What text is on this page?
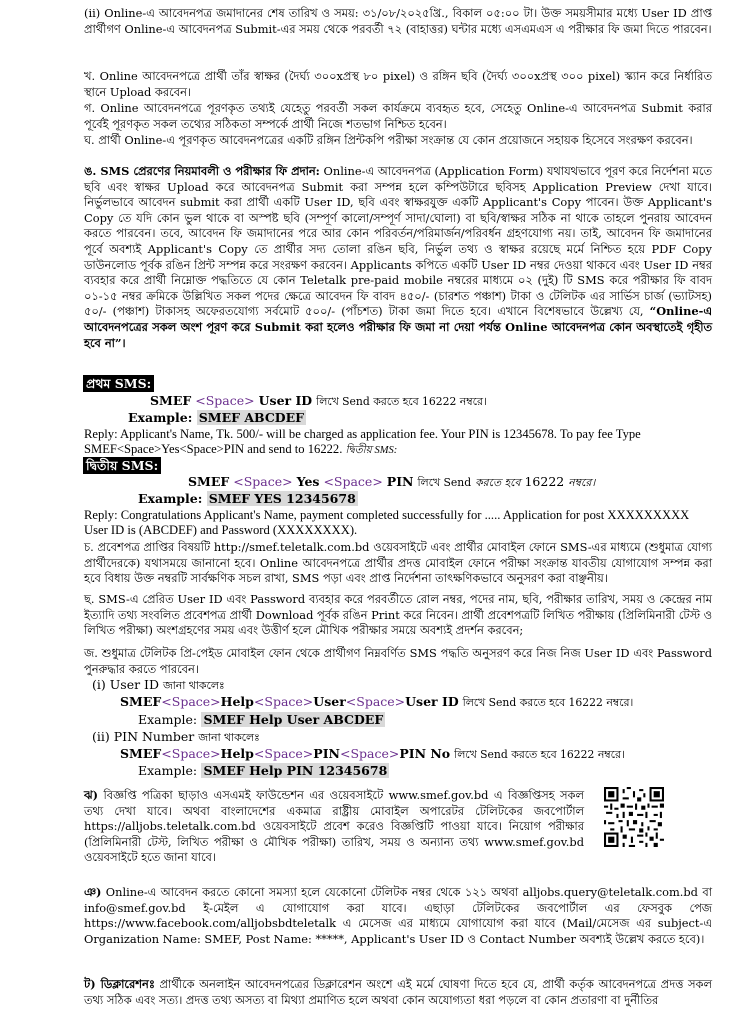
(ii) Online-এ আবেদনপত্র জমাদানের শেষ তারিখ ও সময়: ৩১/০৮/২০২৫খ্রি., বিকাল ০৫:০০ টা। উক্ত সময়সীমার মধ্যে User ID প্রাপ্ত প্রার্থীগণ Online-এ আবেদনপত্র Submit-এর সময় থেকে পরবর্তী ৭২ (বাহাত্তর) ঘন্টার মধ্যে এসএমএস এ পরীক্ষার ফি জমা দিতে পারবেন।

খ. Online আবেদনপত্রে প্রার্থী তাঁর স্বাক্ষর (দৈর্ঘ্য ৩০০xপ্রস্থ ৮০ pixel) ও রঙ্গিন ছবি (দৈর্ঘ্য ৩০০xপ্রস্থ ৩০০ pixel) স্ক্যান করে নির্ধারিত স্থানে Upload করবেন।

গ. Online আবেদনপত্রে পূরণকৃত তথ্যই যেহেতু পরবর্তী সকল কার্যক্রমে ব্যবহৃত হবে, সেহেতু Online-এ আবেদনপত্র Submit করার পূর্বেই পূরণকৃত সকল তথ্যের সঠিকতা সম্পর্কে প্রার্থী নিজে শতভাগ নিশ্চিত হবেন।

ঘ. প্রার্থী Online-এ পূরণকৃত আবেদনপত্রের একটি রঙ্গিন প্রিন্টকপি পরীক্ষা সংক্রান্ত যে কোন প্রয়োজনে সহায়ক হিসেবে সংরক্ষণ করবেন।

ঙ. SMS প্রেরণের নিয়মাবলী ও পরীক্ষার ফি প্রদান: Online-এ আবেদনপত্র (Application Form) যথাযথভাবে পূরণ করে নির্দেশনা মতে ছবি এবং স্বাক্ষর Upload করে আবেদনপত্র Submit করা সম্পন্ন হলে কম্পিউটারে ছবিসহ Application Preview দেখা যাবে। নির্ভুলভাবে আবেদন submit করা প্রার্থী একটি User ID, ছবি এবং স্বাক্ষরযুক্ত একটি Applicant's Copy পাবেন। উক্ত Applicant's Copy তে যদি কোন ভুল থাকে বা অস্পষ্ট ছবি (সম্পূর্ণ কালো/সম্পূর্ণ সাদা/ঘোলা) বা ছবি/স্বাক্ষর সঠিক না থাকে তাহলে পুনরায় আবেদন করতে পারবেন। তবে, আবেদন ফি জমাদানের পরে আর কোন পরিবর্তন/পরিমার্জন/পরিবর্ধন গ্রহণযোগ্য নয়। তাই, আবেদন ফি জমাদানের পূর্বে অবশ্যই Applicant's Copy তে প্রার্থীর সদ্য তোলা রঙিন ছবি, নির্ভুল তথ্য ও স্বাক্ষর রয়েছে মর্মে নিশ্চিত হয়ে PDF Copy ডাউনলোড পূর্বক রঙিন প্রিন্ট সম্পন্ন করে সংরক্ষণ করবেন। Applicants কপিতে একটি User ID নম্বর দেওয়া থাকবে এবং User ID নম্বর ব্যবহার করে প্রার্থী নিম্নোক্ত পদ্ধতিতে যে কোন Teletalk pre-paid mobile নম্বরের মাধ্যমে ০২ (দুই) টি SMS করে পরীক্ষার ফি বাবদ ০১-১৫ নম্বর ক্রমিকে উল্লিখিত সকল পদের ক্ষেত্রে আবেদন ফি বাবদ ৪৫০/- (চারশত পঞ্চাশ) টাকা ও টেলিটক এর সার্ভিস চার্জ (ভ্যাটসহ) ৫০/- (পঞ্চাশ) টাকাসহ অফেরতযোগ্য সর্বমোট ৫০০/- (পাঁচশত) টাকা জমা দিতে হবে। এখানে বিশেষভাবে উল্লেখ্য যে, “Online-এ আবেদনপত্রের সকল অংশ পূরণ করে Submit করা হলেও পরীক্ষার ফি জমা না দেয়া পর্যন্ত Online আবেদনপত্র কোন অবস্থাতেই গৃহীত হবে না”।

প্রথম SMS:
SMEF <Space> User ID লিখে Send করতে হবে 16222 নম্বরে।
Example: SMEF ABCDEF

Reply: Applicant's Name, Tk. 500/- will be charged as application fee. Your PIN is 12345678. To pay fee Type SMEF<Space>Yes<Space>PIN and send to 16222. দ্বিতীয় SMS:

দ্বিতীয় SMS:
SMEF <Space> Yes <Space> PIN লিখে Send করতে হবে 16222 নম্বরে।
Example: SMEF YES 12345678

Reply: Congratulations Applicant's Name, payment completed successfully for ..... Application for post XXXXXXXXX User ID is (ABCDEF) and Password (XXXXXXXX).

চ. প্রবেশপত্র প্রাপ্তির বিষয়টি http://smef.teletalk.com.bd ওয়েবসাইটে এবং প্রার্থীর মোবাইল ফোনে SMS-এর মাধ্যমে (শুধুমাত্র যোগ্য প্রার্থীদেরকে) যথাসময়ে জানানো হবে। Online আবেদনপত্রে প্রার্থীর প্রদত্ত মোবাইল ফোনে পরীক্ষা সংক্রান্ত যাবতীয় যোগাযোগ সম্পন্ন করা হবে বিধায় উক্ত নম্বরটি সার্বক্ষণিক সচল রাখা, SMS পড়া এবং প্রাপ্ত নির্দেশনা তাৎক্ষণিকভাবে অনুসরণ করা বাঞ্ছনীয়।

ছ. SMS-এ প্রেরিত User ID এবং Password ব্যবহার করে পরবর্তীতে রোল নম্বর, পদের নাম, ছবি, পরীক্ষার তারিখ, সময় ও কেন্দ্রের নাম ইত্যাদি তথ্য সংবলিত প্রবেশপত্র প্রার্থী Download পূর্বক রঙিন Print করে নিবেন। প্রার্থী প্রবেশপত্রটি লিখিত পরীক্ষায় (প্রিলিমিনারী টেস্ট ও লিখিত পরীক্ষা) অংশগ্রহণের সময় এবং উত্তীর্ণ হলে মৌখিক পরীক্ষার সময়ে অবশ্যই প্রদর্শন করবেন;

জ. শুধুমাত্র টেলিটক প্রি-পেইড মোবাইল ফোন থেকে প্রার্থীগণ নিম্নবর্ণিত SMS পদ্ধতি অনুসরণ করে নিজ নিজ User ID এবং Password পুনরুদ্ধার করতে পারবেন।

(i) User ID জানা থাকলেঃ
SMEF<Space>Help<Space>User<Space>User ID লিখে Send করতে হবে 16222 নম্বরে।
Example: SMEF Help User ABCDEF
(ii) PIN Number জানা থাকলেঃ
SMEF<Space>Help<Space>PIN<Space>PIN No লিখে Send করতে হবে 16222 নম্বরে।
Example: SMEF Help PIN 12345678

ঝ) বিজ্ঞপ্তি পত্রিকা ছাড়াও এসএমই ফাউন্ডেশন এর ওয়েবসাইটে www.smef.gov.bd এ বিজ্ঞপ্তিসহ সকল তথ্য দেখা যাবে। অথবা বাংলাদেশের একমাত্র রাষ্ট্রীয় মোবাইল অপারেটর টেলিটকের জবপোর্টাল https://alljobs.teletalk.com.bd ওয়েবসাইটে প্রবেশ করেও বিজ্ঞপ্তিটি পাওয়া যাবে। নিয়োগ পরীক্ষার (প্রিলিমিনারী টেস্ট, লিখিত পরীক্ষা ও মৌখিক পরীক্ষা) তারিখ, সময় ও অন্যান্য তথ্য www.smef.gov.bd ওয়েবসাইটে হতে জানা যাবে।

ঞ) Online-এ আবেদন করতে কোনো সমস্যা হলে যেকোনো টেলিটক নম্বর থেকে ১২১ অথবা alljobs.query@teletalk.com.bd বা info@smef.gov.bd ই-মেইল এ যোগাযোগ করা যাবে। এছাড়া টেলিটকের জবপোর্টাল এর ফেসবুক পেজ https://www.facebook.com/alljobsbdteletalk এ মেসেজ এর মাধ্যমে যোগাযোগ করা যাবে (Mail/মেসেজ এর subject-এ Organization Name: SMEF, Post Name: *****, Applicant's User ID ও Contact Number অবশ্যই উল্লেখ করতে হবে)।

ট) ডিক্লারেশনঃ প্রার্থীকে অনলাইন আবেদনপত্রের ডিক্লারেশন অংশে এই মর্মে ঘোষণা দিতে হবে যে, প্রার্থী কর্তৃক আবেদনপত্রে প্রদত্ত সকল তথ্য সঠিক এবং সত্য। প্রদত্ত তথ্য অসত্য বা মিথ্যা প্রমাণিত হলে অথবা কোন অযোগ্যতা ধরা পড়লে বা কোন প্রতারণা বা দুর্নীতির
